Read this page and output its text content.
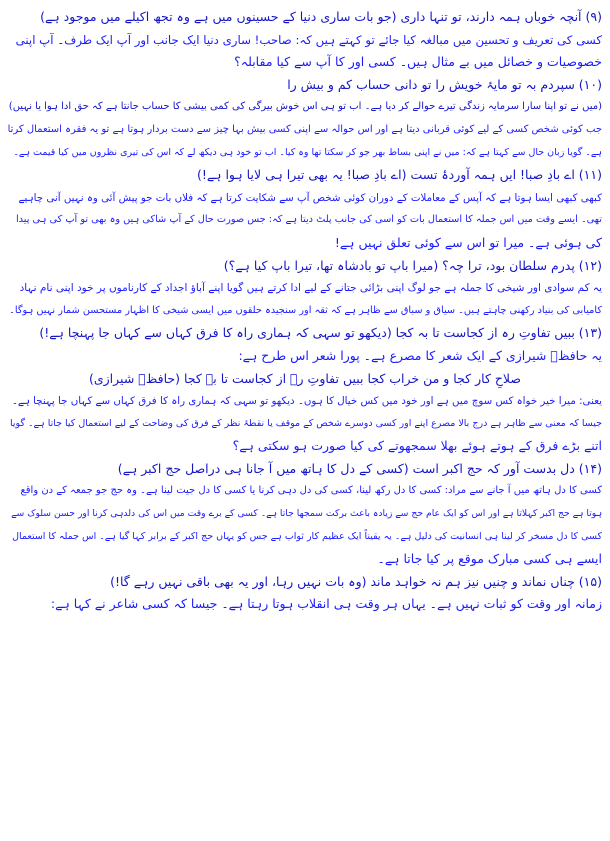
(۹) آنچہ خوباں ہمہ دارند، تو تنہا داری (جو بات ساری دنیا کے حسینوں میں ہے وہ تجھ اکیلے میں موجود ہے)
کسی کی تعریف و تحسین میں مبالغہ کیا جائے تو کہتے ہیں کہ: صاحب! ساری دنیا ایک جانب اور آپ ایک طرف۔ آپ اپنی
خصوصیات و خصائل میں بے مثال ہیں۔ کسی اور کا آپ سے کیا مقابلہ؟
(۱۰) سپردم بہ تو مایۂ خویش را تو دانی حساب کم و بیش را
(میں نے تو اپنا سارا سرمایہ زندگی تیرے حوالے کر دیا ہے۔ اب تو ہی اس خوش بیرگی کی کمی بیشی کا حساب جانتا ہے کہ حق ادا ہوا یا نہیں)
جب کوئی شخص کسی کے لیے کوئی قربانی دیتا ہے اور اس حوالہ سے اپنی کسی بیش بہا چیز سے دست بردار ہوتا ہے تو یہ فقرہ استعمال کرتا
ہے۔ گویا زبان حال سے کہتا ہے کہ: میں نے اپنی بساط بھر جو کر سکتا تھا وہ کیا۔ اب تو خود ہی دیکھ لے کہ اس کی تیری نظروں میں کیا قیمت ہے۔
(۱۱) اے بادِ صبا! ایں ہمہ آوردۂ تست (اے بادِ صبا! یہ بھی تیرا ہی لایا ہوا ہے!)
کبھی کبھی ایسا ہوتا ہے کہ آپس کے معاملات کے دوران کوئی شخص آپ سے شکایت کرتا ہے کہ فلاں بات جو پیش آئی وہ نہیں آنی چاہیے
تھی۔ ایسے وقت میں اس جملہ کا استعمال بات کو اسی کی جانب پلٹ دیتا ہے کہ: جس صورت حال کے آپ شاکی ہیں وہ بھی تو آپ کی ہی پیدا
کی ہوئی ہے۔ میرا تو اس سے کوئی تعلق نہیں ہے!
(۱۲) پدرم سلطان بود، ترا چہ؟ (میرا باپ تو بادشاہ تھا، تیرا باپ کیا ہے؟)
یہ کم سوادی اور شیخی کا جملہ ہے جو لوگ اپنی بڑائی جتانے کے لیے ادا کرتے ہیں گویا اپنے آباؤ اجداد کے کارناموں پر خود اپنی نام نہاد
کامیابی کی بنیاد رکھنی چاہتے ہیں۔ سیاق و سباق سے ظاہر ہے کہ ثقہ اور سنجیدہ حلقوں میں ایسی شیخی کا اظہار مستحسن شمار نہیں ہوگا۔
(۱۳) ببیں تفاوتِ رہ از کجاست تا بہ کجا (دیکھو تو سہی کہ ہماری راہ کا فرق کہاں سے کہاں جا پہنچا ہے!)
یہ حافظؔ شیرازی کے ایک شعر کا مصرع ہے۔ پورا شعر اس طرح ہے:
صلاحِ کار کجا و من خراب کجا ببیں تفاوتِ رہ از کجاست تا بہ کجا (حافظؔ شیرازی)
یعنی: میرا خیر خواہ کس سوچ میں ہے اور خود میں کس خیال کا ہوں۔ دیکھو تو سہی کہ ہماری راہ کا فرق کہاں سے کہاں جا پہنچا ہے۔
جیسا کہ معنی سے ظاہر ہے درج بالا مصرع اپنے اور کسی دوسرے شخص کے موقف یا نقطۂ نظر کے فرق کی وضاحت کے لیے استعمال کیا جاتا ہے۔ گویا
اتنے بڑے فرق کے ہوتے ہوئے بھلا سمجھوتے کی کیا صورت ہو سکتی ہے؟
(۱۴) دل بدست آور کہ حج اکبر است (کسی کے دل کا ہاتھ میں آ جانا ہی دراصل حج اکبر ہے)
کسی کا دل ہاتھ میں آ جانے سے مراد: کسی کا دل رکھ لینا، کسی کی دل دہی کرنا یا کسی کا دل جیت لینا ہے۔ وہ حج جو جمعہ کے دن واقع
ہوتا ہے حج اکبر کہلاتا ہے اور اس کو ایک عام حج سے زیادہ باعث برکت سمجھا جاتا ہے۔ کسی کے برے وقت میں اس کی دلدہی کرنا اور حسن سلوک سے
کسی کا دل مسخر کر لینا ہی انسانیت کی دلیل ہے۔ یہ یقیناً ایک عظیم کار ثواب ہے جس کو یہاں حج اکبر کے برابر کہا گیا ہے۔ اس جملہ کا استعمال
ایسے ہی کسی مبارک موقع پر کیا جاتا ہے۔
(۱۵) چناں نماند و چنیں نیز ہم نہ خواہد ماند (وہ بات نہیں رہا، اور یہ بھی باقی نہیں رہے گا!)
زمانہ اور وقت کو ثبات نہیں ہے۔ یہاں ہر وقت ہی انقلاب ہوتا رہتا ہے۔ جیسا کہ کسی شاعر نے کہا ہے:
